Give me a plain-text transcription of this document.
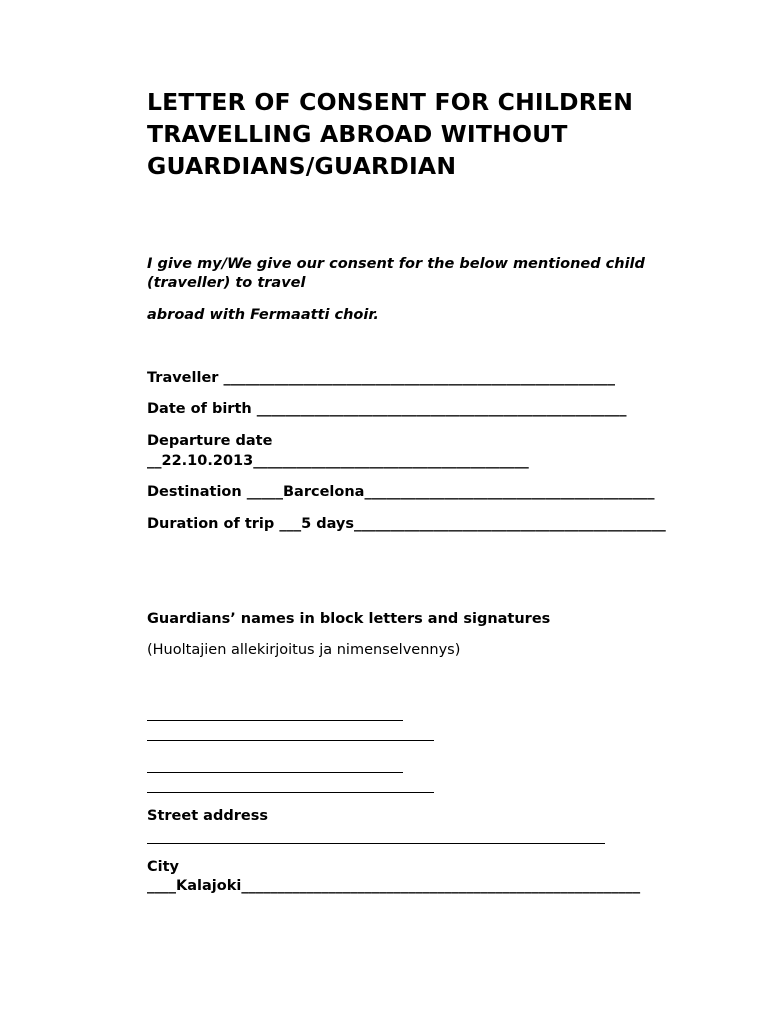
LETTER OF CONSENT FOR CHILDREN
TRAVELLING ABROAD WITHOUT
GUARDIANS/GUARDIAN

I give my/We give our consent for the below mentioned child (traveller) to travel

abroad with Fermaatti choir.

Traveller ______________________________________________________

Date of birth ___________________________________________________

Departure date

__22.10.2013______________________________________

Destination _____Barcelona________________________________________

Duration of trip ___5 days___________________________________________

Guardians’ names in block letters and signatures

(Huoltajien allekirjoitus ja nimenselvennys)

Street address

City

____Kalajoki_______________________________________________________
